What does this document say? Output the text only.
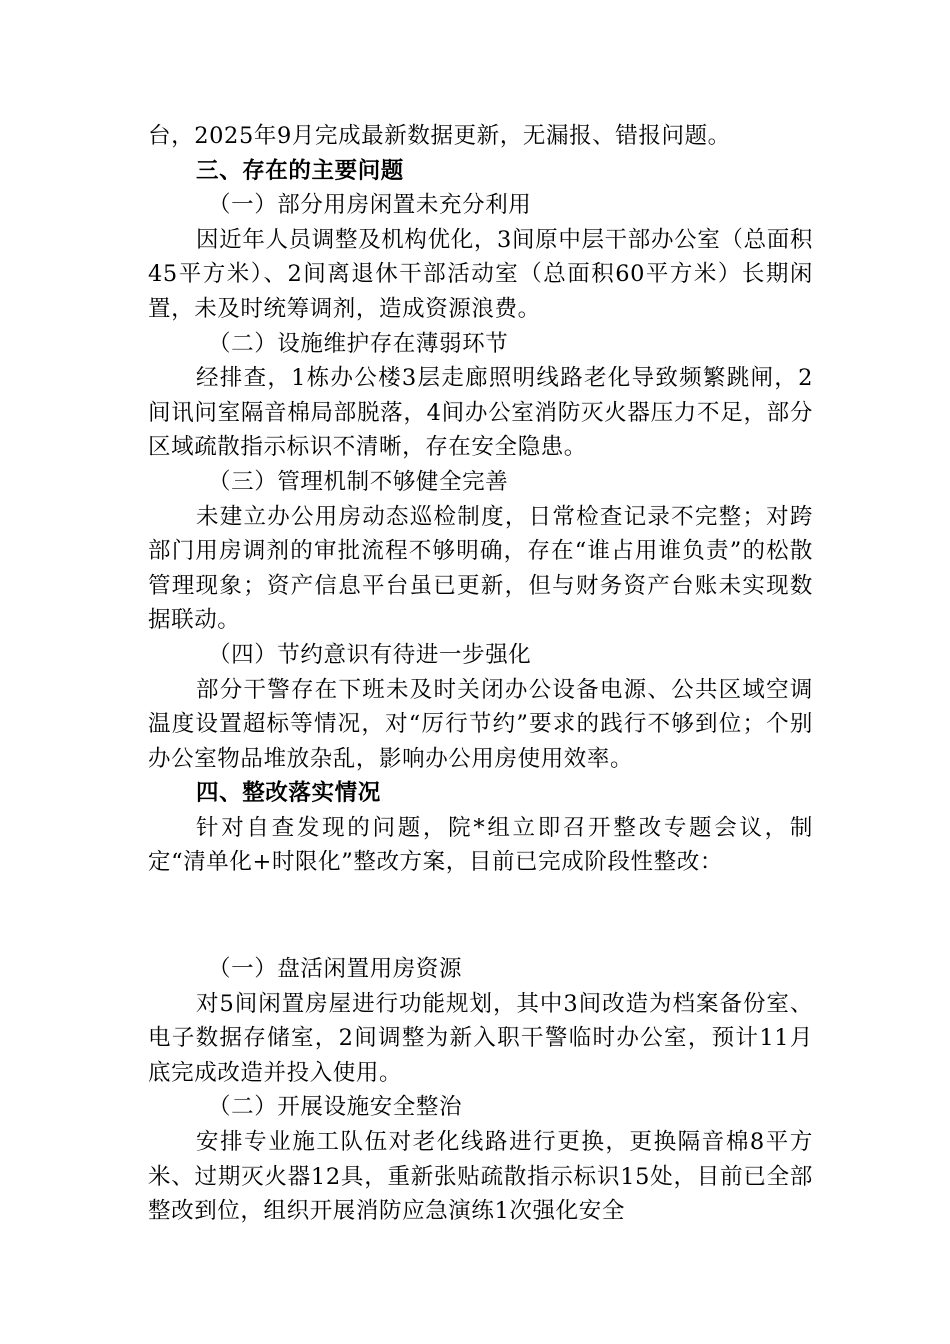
台，2025年9月完成最新数据更新，无漏报、错报问题。

三、存在的主要问题

（一）部分用房闲置未充分利用

因近年人员调整及机构优化，3间原中层干部办公室（总面积45平方米）、2间离退休干部活动室（总面积60平方米）长期闲置，未及时统筹调剂，造成资源浪费。

（二）设施维护存在薄弱环节

经排查，1栋办公楼3层走廊照明线路老化导致频繁跳闸，2间讯问室隔音棉局部脱落，4间办公室消防灭火器压力不足，部分区域疏散指示标识不清晰，存在安全隐患。

（三）管理机制不够健全完善

未建立办公用房动态巡检制度，日常检查记录不完整；对跨部门用房调剂的审批流程不够明确，存在“谁占用谁负责”的松散管理现象；资产信息平台虽已更新，但与财务资产台账未实现数据联动。

（四）节约意识有待进一步强化

部分干警存在下班未及时关闭办公设备电源、公共区域空调温度设置超标等情况，对“厉行节约”要求的践行不够到位；个别办公室物品堆放杂乱，影响办公用房使用效率。

四、整改落实情况

针对自查发现的问题，院*组立即召开整改专题会议，制定“清单化+时限化”整改方案，目前已完成阶段性整改：

（一）盘活闲置用房资源

对5间闲置房屋进行功能规划，其中3间改造为档案备份室、电子数据存储室，2间调整为新入职干警临时办公室，预计11月底完成改造并投入使用。

（二）开展设施安全整治

安排专业施工队伍对老化线路进行更换，更换隔音棉8平方米、过期灭火器12具，重新张贴疏散指示标识15处，目前已全部整改到位，组织开展消防应急演练1次强化安全
